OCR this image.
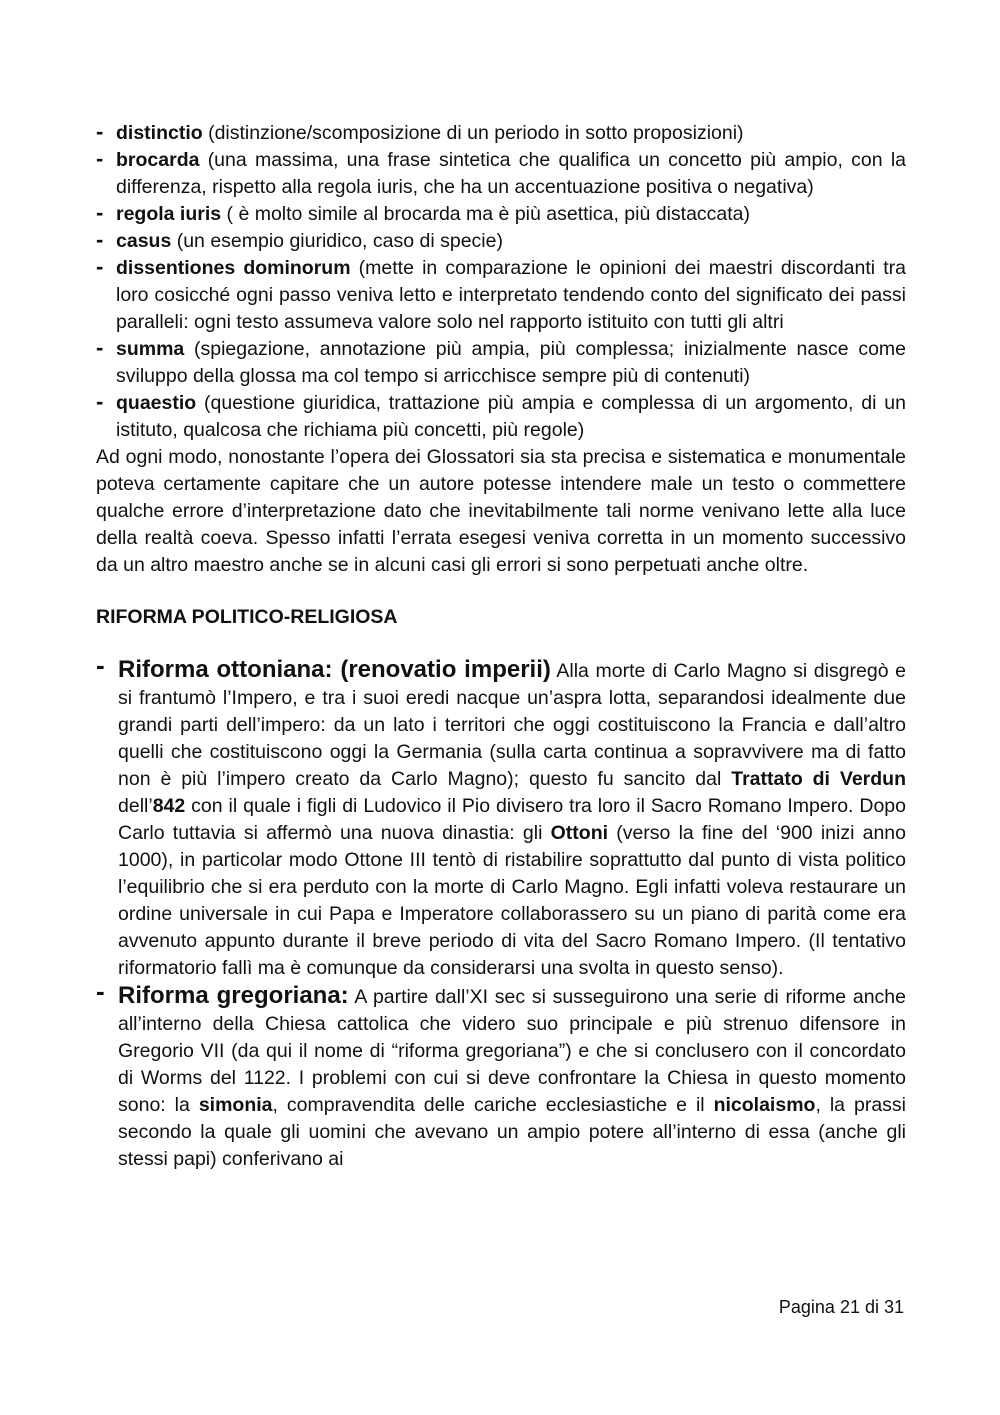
- distinctio (distinzione/scomposizione di un periodo in sotto proposizioni)
- brocarda (una massima, una frase sintetica che qualifica un concetto più ampio, con la differenza, rispetto alla regola iuris, che ha un accentuazione positiva o negativa)
- regola iuris ( è molto simile al brocarda ma è più asettica, più distaccata)
- casus (un esempio giuridico, caso di specie)
- dissentiones dominorum (mette in comparazione le opinioni dei maestri discordanti tra loro cosicché ogni passo veniva letto e interpretato tendendo conto del significato dei passi paralleli: ogni testo assumeva valore solo nel rapporto istituito con tutti gli altri
- summa (spiegazione, annotazione più ampia, più complessa; inizialmente nasce come sviluppo della glossa ma col tempo si arricchisce sempre più di contenuti)
- quaestio (questione giuridica, trattazione più ampia e complessa di un argomento, di un istituto, qualcosa che richiama più concetti, più regole)

Ad ogni modo, nonostante l’opera dei Glossatori sia sta precisa e sistematica e monumentale poteva certamente capitare che un autore potesse intendere male un testo o commettere qualche errore d’interpretazione dato che inevitabilmente tali norme venivano lette alla luce della realtà coeva. Spesso infatti l’errata esegesi veniva corretta in un momento successivo da un altro maestro anche se in alcuni casi gli errori si sono perpetuati anche oltre.

RIFORMA POLITICO-RELIGIOSA
- Riforma ottoniana: (renovatio imperii) Alla morte di Carlo Magno si disgregò e si frantumò l’Impero, e tra i suoi eredi nacque un’aspra lotta, separandosi idealmente due grandi parti dell’impero: da un lato i territori che oggi costituiscono la Francia e dall’altro quelli che costituiscono oggi la Germania (sulla carta continua a sopravvivere ma di fatto non è più l’impero creato da Carlo Magno); questo fu sancito dal Trattato di Verdun dell’842 con il quale i figli di Ludovico il Pio divisero tra loro il Sacro Romano Impero. Dopo Carlo tuttavia si affermò una nuova dinastia: gli Ottoni (verso la fine del ‘900 inizi anno 1000), in particolar modo Ottone III tentò di ristabilire soprattutto dal punto di vista politico l’equilibrio che si era perduto con la morte di Carlo Magno. Egli infatti voleva restaurare un ordine universale in cui Papa e Imperatore collaborassero su un piano di parità come era avvenuto appunto durante il breve periodo di vita del Sacro Romano Impero. (Il tentativo riformatorio fallì ma è comunque da considerarsi una svolta in questo senso).
- Riforma gregoriana: A partire dall’XI sec si susseguirono una serie di riforme anche all’interno della Chiesa cattolica che videro suo principale e più strenuo difensore in Gregorio VII (da qui il nome di “riforma gregoriana”) e che si conclusero con il concordato di Worms del 1122. I problemi con cui si deve confrontare la Chiesa in questo momento sono: la simonia, compravendita delle cariche ecclesiastiche e il nicolaismo, la prassi secondo la quale gli uomini che avevano un ampio potere all’interno di essa (anche gli stessi papi) conferivano ai
Pagina 21 di 31
